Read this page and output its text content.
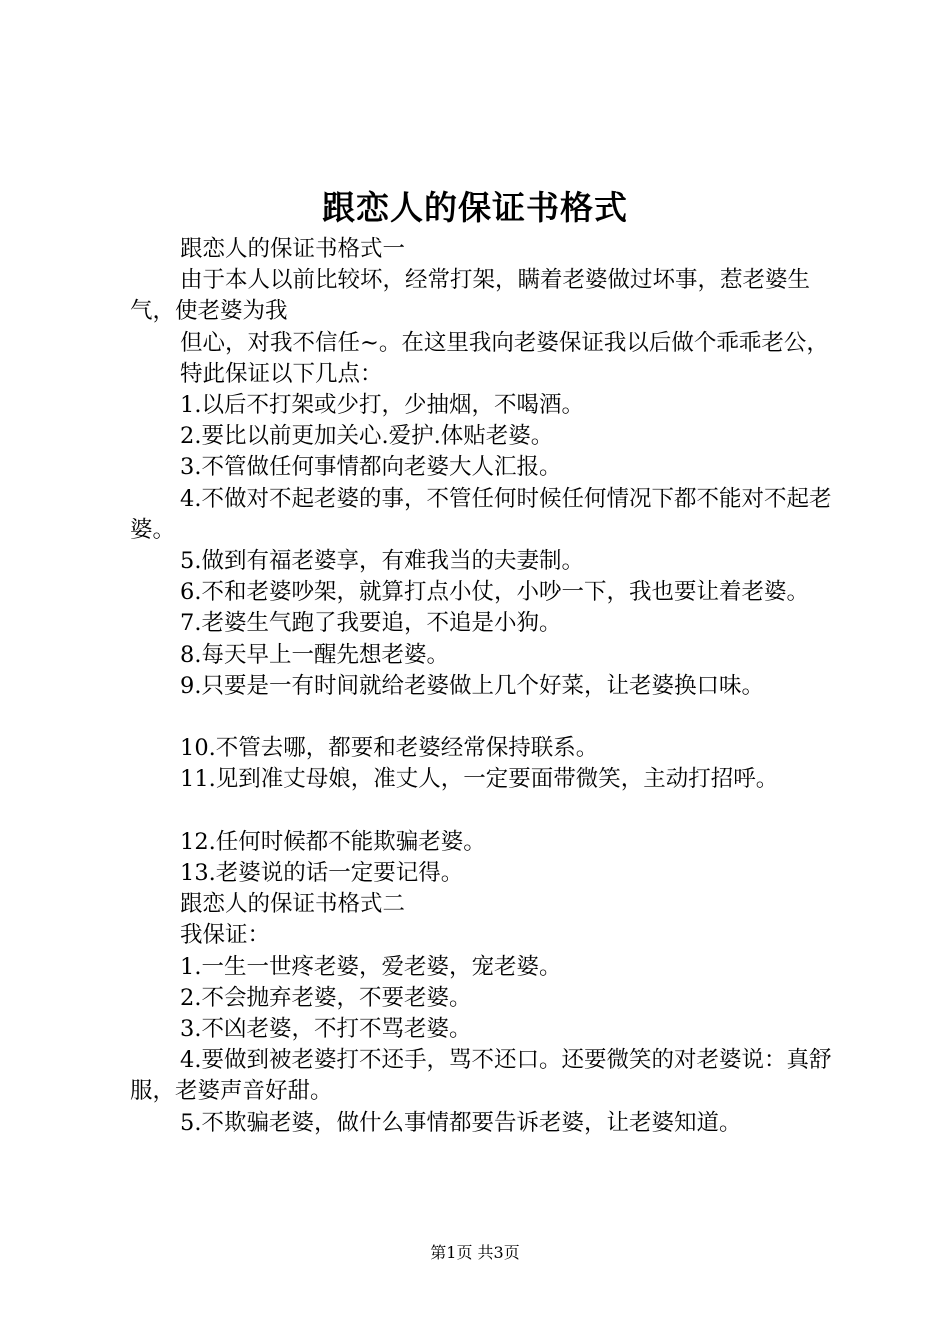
跟恋人的保证书格式

跟恋人的保证书格式一

由于本人以前比较坏，经常打架，瞒着老婆做过坏事，惹老婆生气，使老婆为我

但心，对我不信任~。在这里我向老婆保证我以后做个乖乖老公，

特此保证以下几点：

1.以后不打架或少打，少抽烟，不喝酒。

2.要比以前更加关心.爱护.体贴老婆。

3.不管做任何事情都向老婆大人汇报。

4.不做对不起老婆的事，不管任何时候任何情况下都不能对不起老婆。

5.做到有福老婆享，有难我当的夫妻制。

6.不和老婆吵架，就算打点小仗，小吵一下，我也要让着老婆。

7.老婆生气跑了我要追，不追是小狗。

8.每天早上一醒先想老婆。

9.只要是一有时间就给老婆做上几个好菜，让老婆换口味。

10.不管去哪，都要和老婆经常保持联系。

11.见到准丈母娘，准丈人，一定要面带微笑，主动打招呼。

12.任何时候都不能欺骗老婆。

13.老婆说的话一定要记得。

跟恋人的保证书格式二

我保证：

1.一生一世疼老婆，爱老婆，宠老婆。

2.不会抛弃老婆，不要老婆。

3.不凶老婆，不打不骂老婆。

4.要做到被老婆打不还手，骂不还口。还要微笑的对老婆说：真舒服，老婆声音好甜。

5.不欺骗老婆，做什么事情都要告诉老婆，让老婆知道。

第1页 共3页
